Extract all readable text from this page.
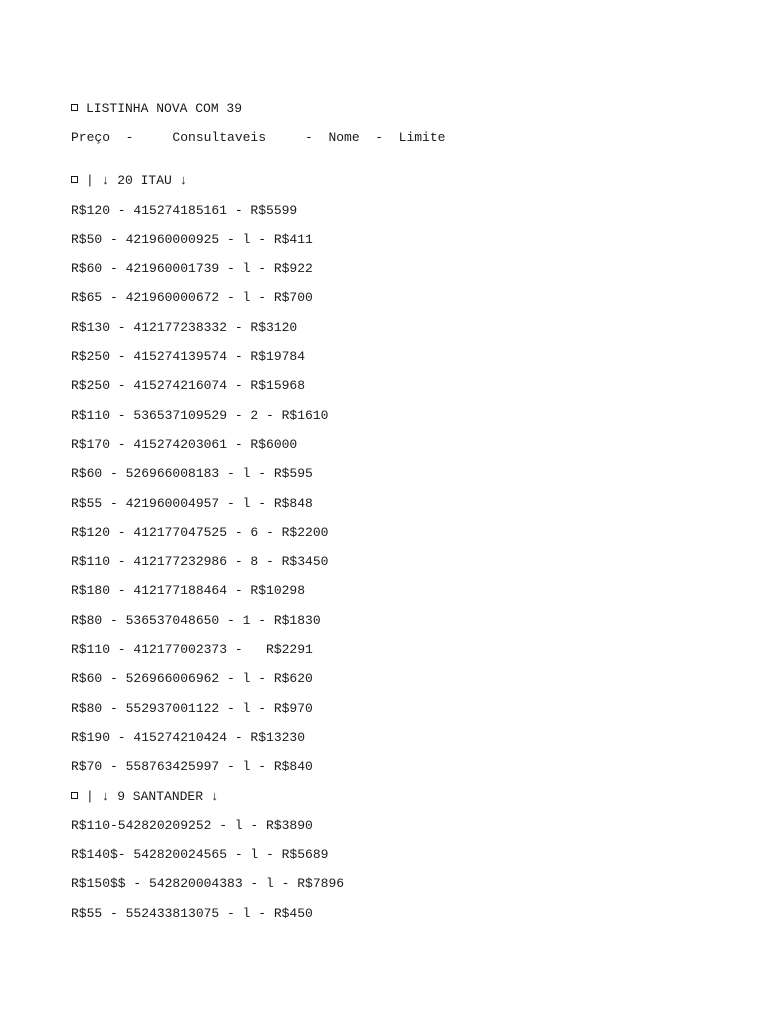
LISTINHA NOVA COM 39
Preço  -     Consultaveis     -  Nome  -  Limite
| ↓ 20 ITAU ↓
R$120 - 415274185161 - R$5599
R$50 - 421960000925 - l - R$411
R$60 - 421960001739 - l - R$922
R$65 - 421960000672 - l - R$700
R$130 - 412177238332 - R$3120
R$250 - 415274139574 - R$19784
R$250 - 415274216074 - R$15968
R$110 - 536537109529 - 2 - R$1610
R$170 - 415274203061 - R$6000
R$60 - 526966008183 - l - R$595
R$55 - 421960004957 - l - R$848
R$120 - 412177047525 - 6 - R$2200
R$110 - 412177232986 - 8 - R$3450
R$180 - 412177188464 - R$10298
R$80 - 536537048650 - 1 - R$1830
R$110 - 412177002373 -   R$2291
R$60 - 526966006962 - l - R$620
R$80 - 552937001122 - l - R$970
R$190 - 415274210424 - R$13230
R$70 - 558763425997 - l - R$840
| ↓ 9 SANTANDER ↓
R$110-542820209252 - l - R$3890
R$140$- 542820024565 - l - R$5689
R$150$$ - 542820004383 - l - R$7896
R$55 - 552433813075 - l - R$450
